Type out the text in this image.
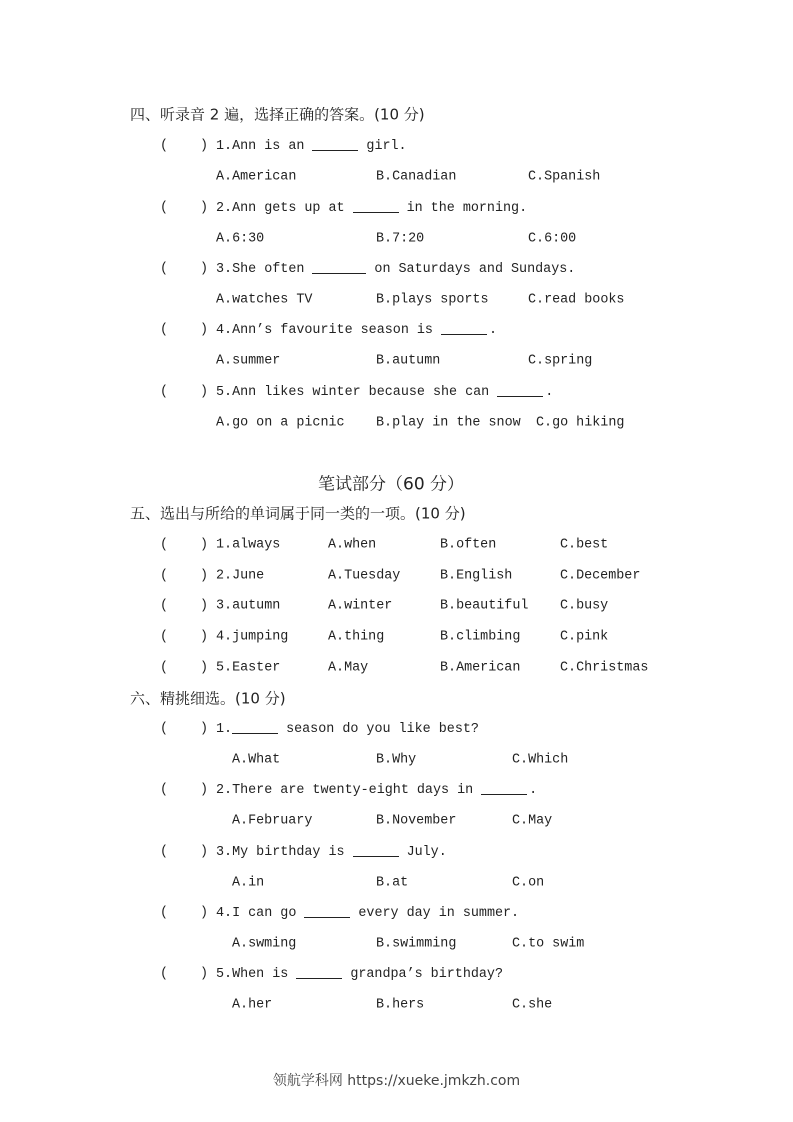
四、听录音 2 遍，选择正确的答案。(10 分)
笔试部分（60 分）
五、选出与所给的单词属于同一类的一项。(10 分)
六、精挑细选。(10 分)
( ) 1.Ann is an	girl.
A.American	B.Canadian	C.Spanish
( ) 2.Ann gets up at	in the morning.
A.6:30	B.7:20	C.6:00
( ) 3.She often	on Saturdays and Sundays.
A.watches TV	B.plays sports	C.read books
( ) 4.Ann’s favourite season is	.
A.summer	B.autumn	C.spring
( ) 5.Ann likes winter because she can	.
A.go on a picnic B.play in the snow C.go hiking
( ) 1.always	A.when	B.often	C.best
( ) 2.June	A.Tuesday	B.English	C.December
( ) 3.autumn	A.winter	B.beautiful C.busy
( ) 4.jumping	A.thing	B.climbing	C.pink
( ) 5.Easter	A.May	B.American	C.Christmas
( ) 1.	season do you like best?
A.What	B.Why	C.Which
( ) 2.There are twenty-eight days in	.
A.February	B.November	C.May
( ) 3.My birthday is	July.
A.in	B.at	C.on
( ) 4.I can go	every day in summer.
A.swming	B.swimming	C.to swim
( ) 5.When is	grandpa’s birthday?
A.her	B.hers	C.she
领航学科网 https://xueke.jmkzh.com
